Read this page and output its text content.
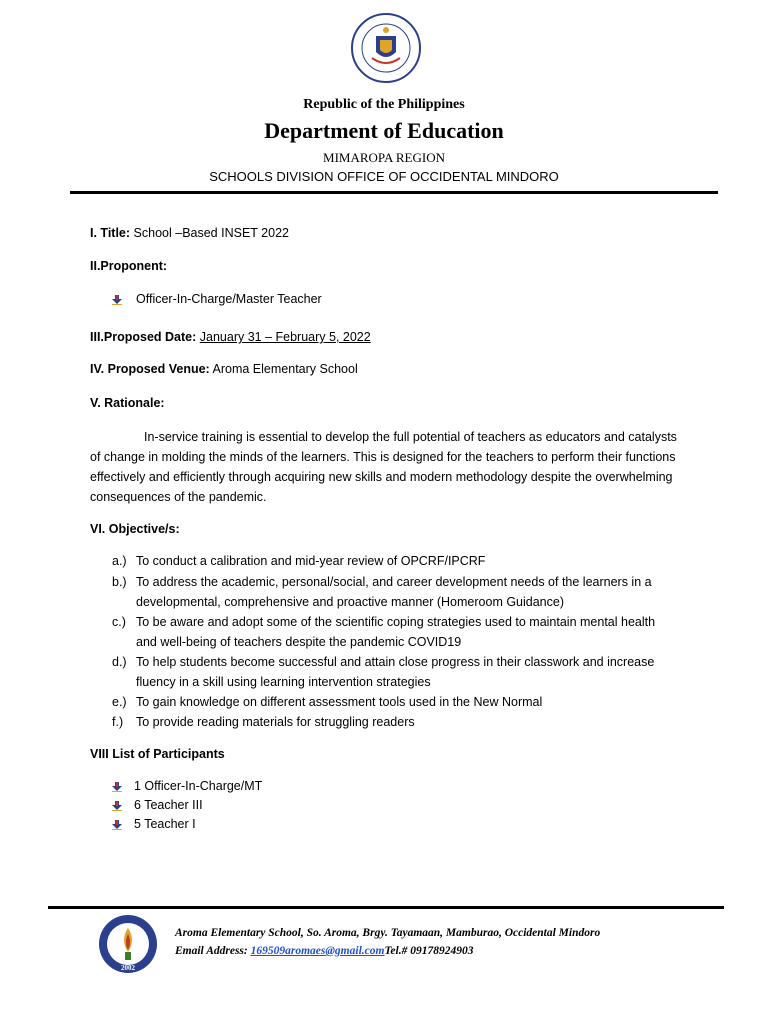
Republic of the Philippines
Department of Education
MIMAROPA REGION
SCHOOLS DIVISION OFFICE OF OCCIDENTAL MINDORO
I. Title: School –Based INSET 2022
II.Proponent:
Officer-In-Charge/Master Teacher
III.Proposed Date: January 31 – February 5, 2022
IV. Proposed Venue: Aroma Elementary School
V. Rationale:
In-service training is essential to develop the full potential of teachers as educators and catalysts of change in molding the minds of the learners. This is designed for the teachers to perform their functions effectively and efficiently through acquiring new skills and modern methodology despite the overwhelming consequences of the pandemic.
VI. Objective/s:
a.) To conduct a calibration and mid-year review of OPCRF/IPCRF
b.) To address the academic, personal/social, and career development needs of the learners in a developmental, comprehensive and proactive manner (Homeroom Guidance)
c.) To be aware and adopt some of the scientific coping strategies used to maintain mental health and well-being of teachers despite the pandemic COVID19
d.) To help students become successful and attain close progress in their classwork and increase fluency in a skill using learning intervention strategies
e.) To gain knowledge on different assessment tools used in the New Normal
f.)	To provide reading materials for struggling readers
VIII List of Participants
1 Officer-In-Charge/MT
6 Teacher III
5 Teacher I
2002
Aroma Elementary School, So. Aroma, Brgy. Tayamaan, Mamburao, Occidental Mindoro
Email Address: 169509aromaes@gmail.comTel.# 09178924903
